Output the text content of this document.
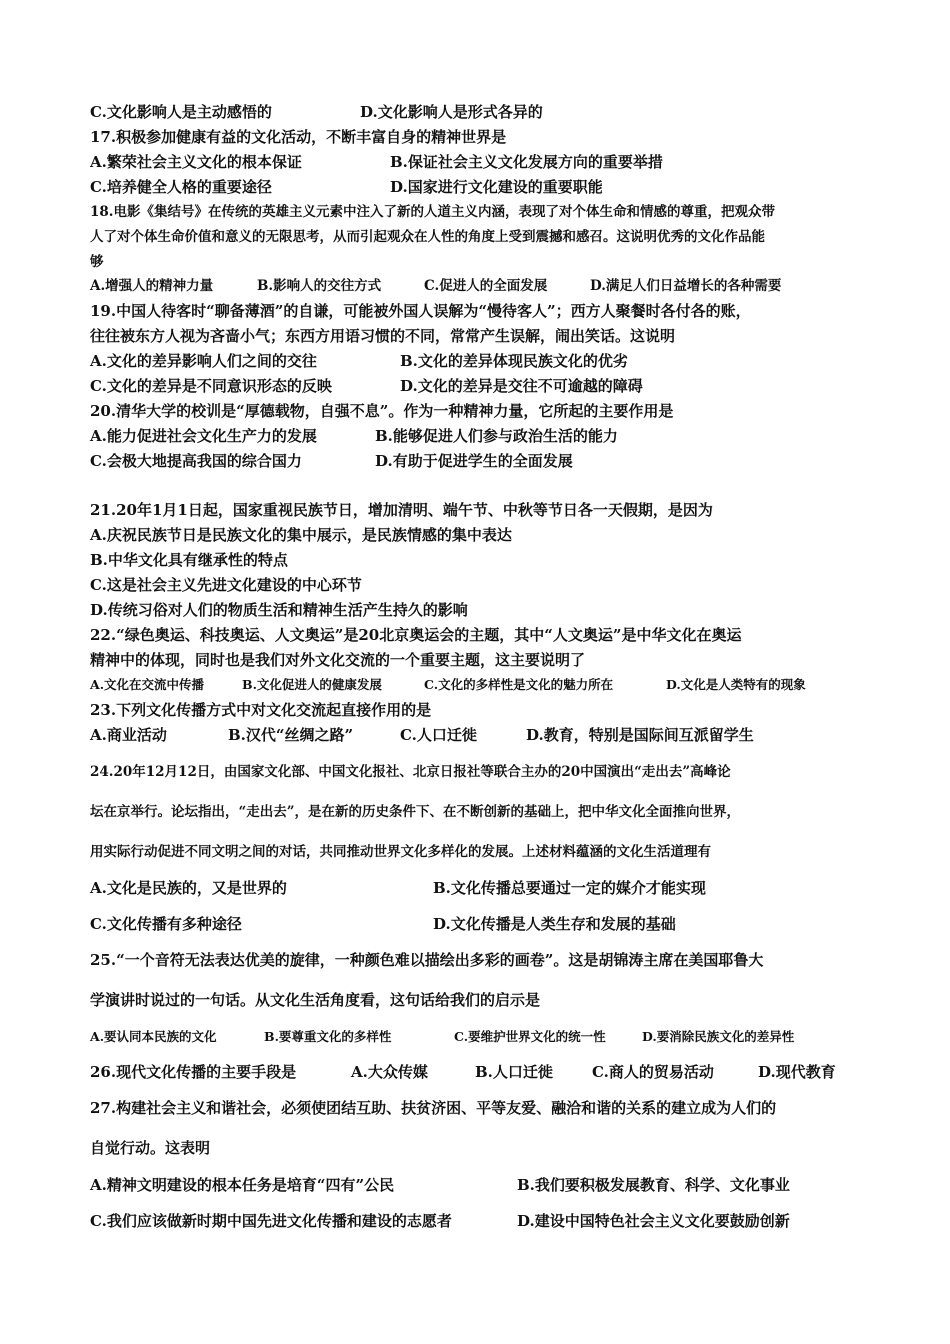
C.文化影响人是主动感悟的	D.文化影响人是形式各异的
17.积极参加健康有益的文化活动，不断丰富自身的精神世界是
A.繁荣社会主义文化的根本保证	B.保证社会主义文化发展方向的重要举措
C.培养健全人格的重要途径	D.国家进行文化建设的重要职能
18.电影《集结号》在传统的英雄主义元素中注入了新的人道主义内涵，表现了对个体生命和情感的尊重，把观众带
人了对个体生命价值和意义的无限思考，从而引起观众在人性的角度上受到震撼和感召。这说明优秀的文化作品能
够
A.增强人的精神力量	B.影响人的交往方式	C.促进人的全面发展	D.满足人们日益增长的各种需要
19.中国人待客时“聊备薄酒”的自谦，可能被外国人误解为“慢待客人”；西方人聚餐时各付各的账，
往往被东方人视为吝啬小气；东西方用语习惯的不同，常常产生误解，闹出笑话。这说明
A.文化的差异影响人们之间的交往	B.文化的差异体现民族文化的优劣
C.文化的差异是不同意识形态的反映	D.文化的差异是交往不可逾越的障碍
20.清华大学的校训是“厚德载物，自强不息”。作为一种精神力量，它所起的主要作用是
A.能力促进社会文化生产力的发展	B.能够促进人们参与政治生活的能力
C.会极大地提高我国的综合国力	D.有助于促进学生的全面发展
21.20年1月1日起，国家重视民族节日，增加清明、端午节、中秋等节日各一天假期，是因为
A.庆祝民族节日是民族文化的集中展示，是民族情感的集中表达
B.中华文化具有继承性的特点
C.这是社会主义先进文化建设的中心环节
D.传统习俗对人们的物质生活和精神生活产生持久的影响
22.“绿色奥运、科技奥运、人文奥运”是20北京奥运会的主题，其中“人文奥运”是中华文化在奥运
精神中的体现，同时也是我们对外文化交流的一个重要主题，这主要说明了
A.文化在交流中传播	B.文化促进人的健康发展	C.文化的多样性是文化的魅力所在	D.文化是人类特有的现象
23.下列文化传播方式中对文化交流起直接作用的是
A.商业活动	B.汉代“丝绸之路”	C.人口迁徙	D.教育，特别是国际间互派留学生
24.20年12月12日，由国家文化部、中国文化报社、北京日报社等联合主办的20中国演出“走出去”高峰论
坛在京举行。论坛指出，“走出去”，是在新的历史条件下、在不断创新的基础上，把中华文化全面推向世界，
用实际行动促进不同文明之间的对话，共同推动世界文化多样化的发展。上述材料蕴涵的文化生活道理有
A.文化是民族的，又是世界的	B.文化传播总要通过一定的媒介才能实现
C.文化传播有多种途径	D.文化传播是人类生存和发展的基础
25.“一个音符无法表达优美的旋律，一种颜色难以描绘出多彩的画卷”。这是胡锦涛主席在美国耶鲁大
学演讲时说过的一句话。从文化生活角度看，这句话给我们的启示是
A.要认同本民族的文化	B.要尊重文化的多样性	C.要维护世界文化的统一性	D.要消除民族文化的差异性
26.现代文化传播的主要手段是	A.大众传媒	B.人口迁徙	C.商人的贸易活动	D.现代教育
27.构建社会主义和谐社会，必须使团结互助、扶贫济困、平等友爱、融洽和谐的关系的建立成为人们的
自觉行动。这表明
A.精神文明建设的根本任务是培育“四有”公民	B.我们要积极发展教育、科学、文化事业
C.我们应该做新时期中国先进文化传播和建设的志愿者	D.建设中国特色社会主义文化要鼓励创新
